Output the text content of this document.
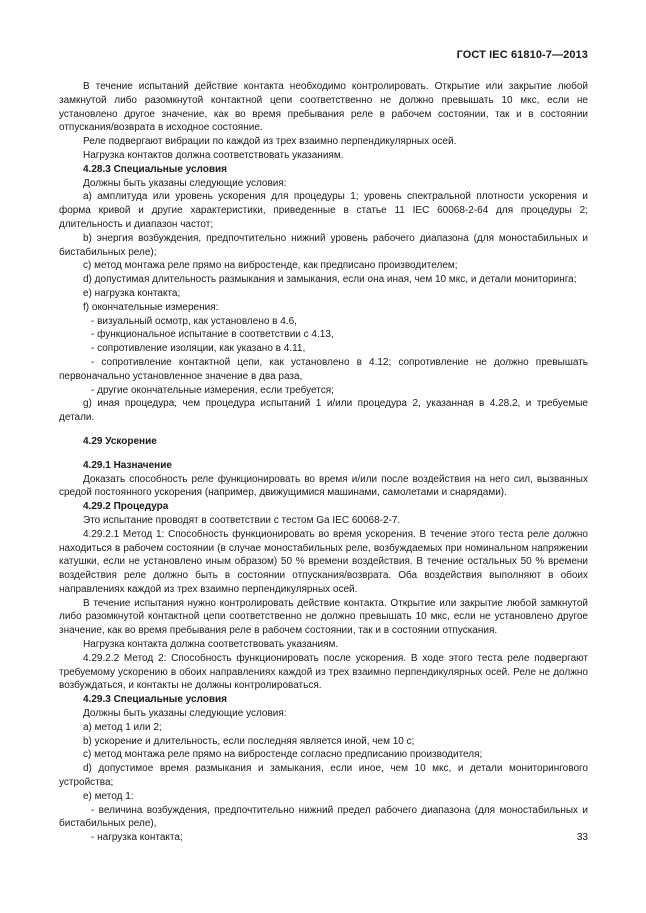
ГОСТ IEC 61810-7—2013

В течение испытаний действие контакта необходимо контролировать. Открытие или закрытие любой замкнутой либо разомкнутой контактной цепи соответственно не должно превышать 10 мкс, если не установлено другое значение, как во время пребывания реле в рабочем состоянии, так и в состоянии отпускания/возврата в исходное состояние.

Реле подвергают вибрации по каждой из трех взаимно перпендикулярных осей.

Нагрузка контактов должна соответствовать указаниям.

4.28.3 Специальные условия

Должны быть указаны следующие условия:

а) амплитуда или уровень ускорения для процедуры 1; уровень спектральной плотности ускорения и форма кривой и другие характеристики, приведенные в статье 11 IEC 60068-2-64 для процедуры 2; длительность и диапазон частот;

b) энергия возбуждения, предпочтительно нижний уровень рабочего диапазона (для моностабильных и бистабильных реле);

c) метод монтажа реле прямо на вибростенде, как предписано производителем;

d) допустимая длительность размыкания и замыкания, если она иная, чем 10 мкс, и детали мониторинга;

e) нагрузка контакта;

f) окончательные измерения:

- визуальный осмотр, как установлено в 4.6,

- функциональное испытание в соответствии с 4.13,

- сопротивление изоляции, как указано в 4.11,

- сопротивление контактной цепи, как установлено в 4.12; сопротивление не должно превышать первоначально установленное значение в два раза,

- другие окончательные измерения, если требуется;

g) иная процедура, чем процедура испытаний 1 и/или процедура 2, указанная в 4.28.2, и требуемые детали.

4.29 Ускорение

4.29.1 Назначение

Доказать способность реле функционировать во время и/или после воздействия на него сил, вызванных средой постоянного ускорения (например, движущимися машинами, самолетами и снарядами).

4.29.2 Процедура

Это испытание проводят в соответствии с тестом Ga IEC 60068-2-7.

4.29.2.1 Метод 1: Способность функционировать во время ускорения. В течение этого теста реле должно находиться в рабочем состоянии (в случае моностабильных реле, возбуждаемых при номинальном напряжении катушки, если не установлено иным образом) 50 % времени воздействия. В течение остальных 50 % времени воздействия реле должно быть в состоянии отпускания/возврата. Оба воздействия выполняют в обоих направлениях каждой из трех взаимно перпендикулярных осей.

В течение испытания нужно контролировать действие контакта. Открытие или закрытие любой замкнутой либо разомкнутой контактной цепи соответственно не должно превышать 10 мкс, если не установлено другое значение, как во время пребывания реле в рабочем состоянии, так и в состоянии отпускания.

Нагрузка контакта должна соответствовать указаниям.

4.29.2.2 Метод 2: Способность функционировать после ускорения. В ходе этого теста реле подвергают требуемому ускорению в обоих направлениях каждой из трех взаимно перпендикулярных осей. Реле не должно возбуждаться, и контакты не должны контролироваться.

4.29.3 Специальные условия

Должны быть указаны следующие условия:

а) метод 1 или 2;

b) ускорение и длительность, если последняя является иной, чем 10 с;

c) метод монтажа реле прямо на вибростенде согласно предписанию производителя;

d) допустимое время размыкания и замыкания, если иное, чем 10 мкс, и детали мониторингового устройства;

e) метод 1:

- величина возбуждения, предпочтительно нижний предел рабочего диапазона (для моностабильных и бистабильных реле),

- нагрузка контакта;	33
